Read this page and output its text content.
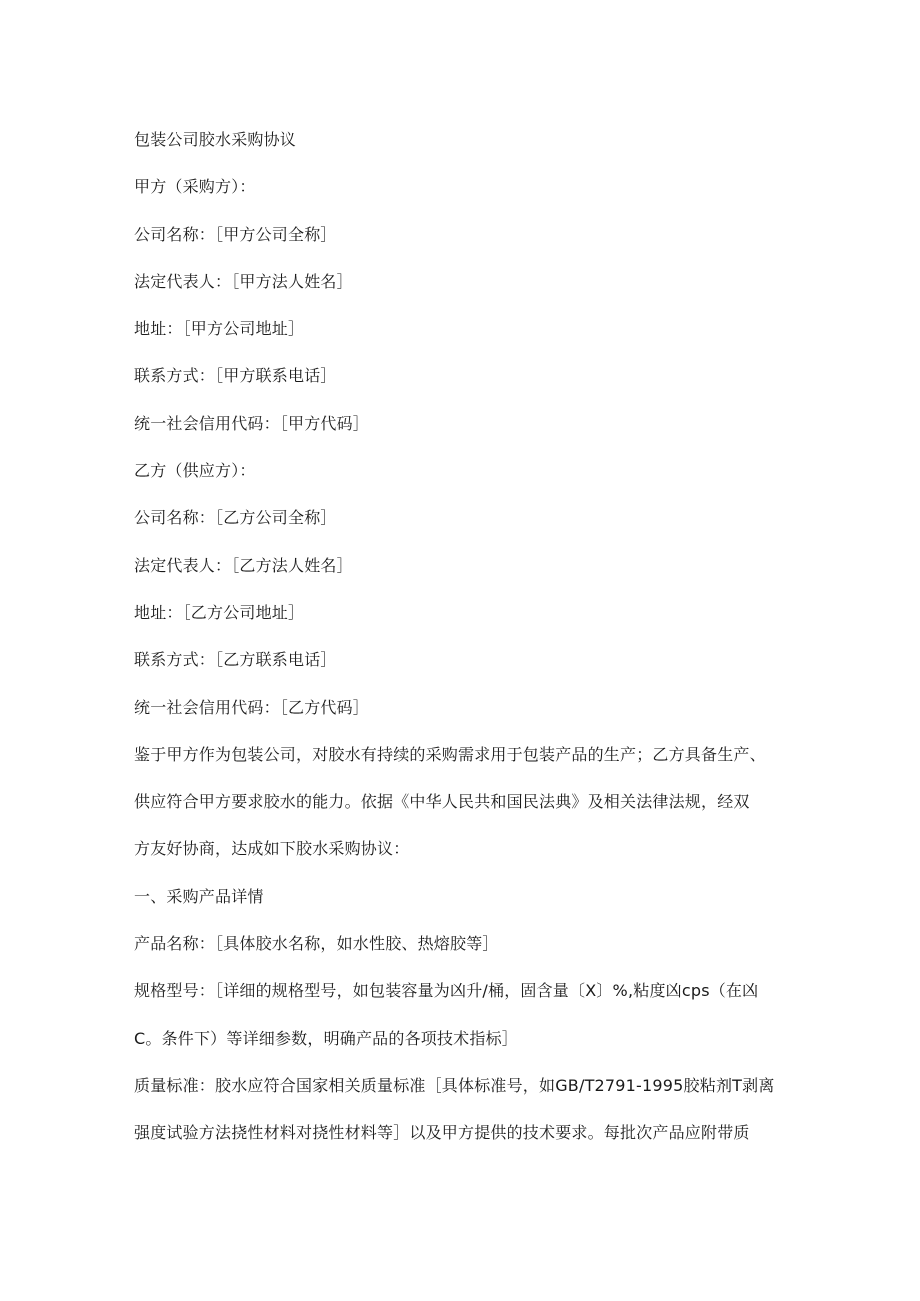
包装公司胶水采购协议
甲方（采购方）：
公司名称：［甲方公司全称］
法定代表人：［甲方法人姓名］
地址：［甲方公司地址］
联系方式：［甲方联系电话］
统一社会信用代码：［甲方代码］
乙方（供应方）：
公司名称：［乙方公司全称］
法定代表人：［乙方法人姓名］
地址：［乙方公司地址］
联系方式：［乙方联系电话］
统一社会信用代码：［乙方代码］
鉴于甲方作为包装公司，对胶水有持续的采购需求用于包装产品的生产；乙方具备生产、
供应符合甲方要求胶水的能力。依据《中华人民共和国民法典》及相关法律法规，经双
方友好协商，达成如下胶水采购协议：
一、采购产品详情
产品名称：［具体胶水名称，如水性胶、热熔胶等］
规格型号：［详细的规格型号，如包装容量为凶升/桶，固含量〔X〕%,粘度凶cps（在凶
C。条件下）等详细参数，明确产品的各项技术指标］
质量标准：胶水应符合国家相关质量标准［具体标准号，如GB/T2791-1995胶粘剂T剥离
强度试验方法挠性材料对挠性材料等］以及甲方提供的技术要求。每批次产品应附带质
